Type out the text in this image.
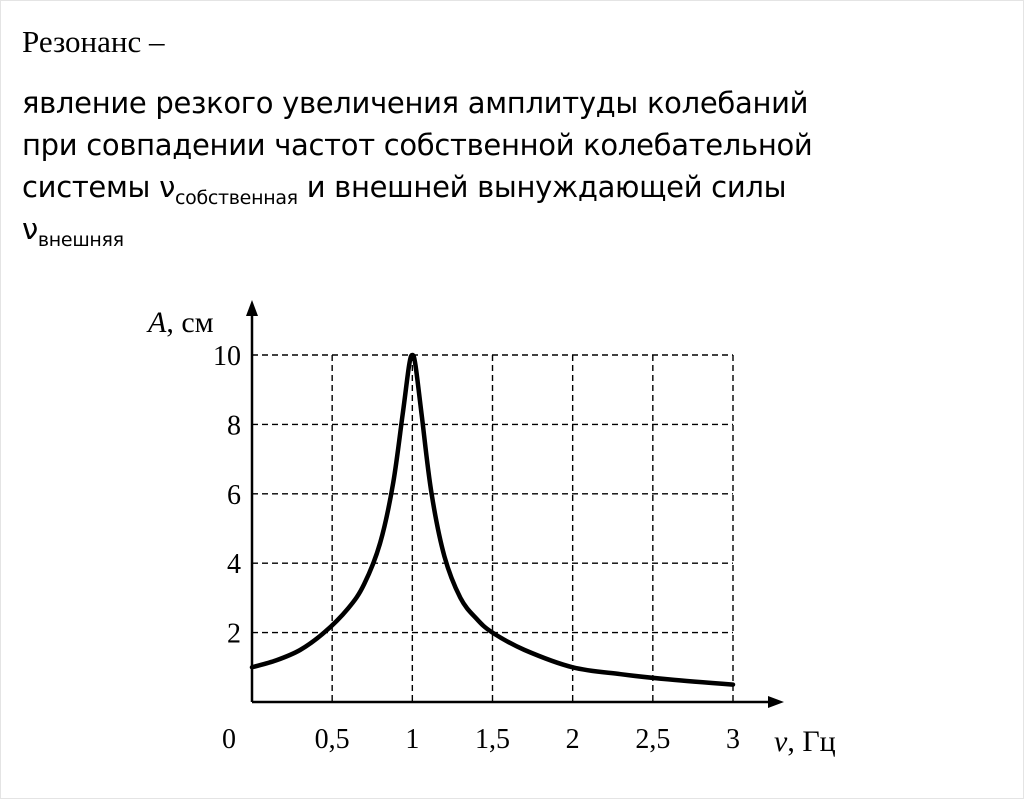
Резонанс –
явление резкого увеличения амплитуды колебаний
при совпадении частот собственной колебательной
системы $\nu_{собственная}$ и внешней вынуждающей силы
$\nu_{внешняя}$
0,5 1 1,5 2 2,5 3
2
4
6
8
10
A, см
ν, Гц
0
